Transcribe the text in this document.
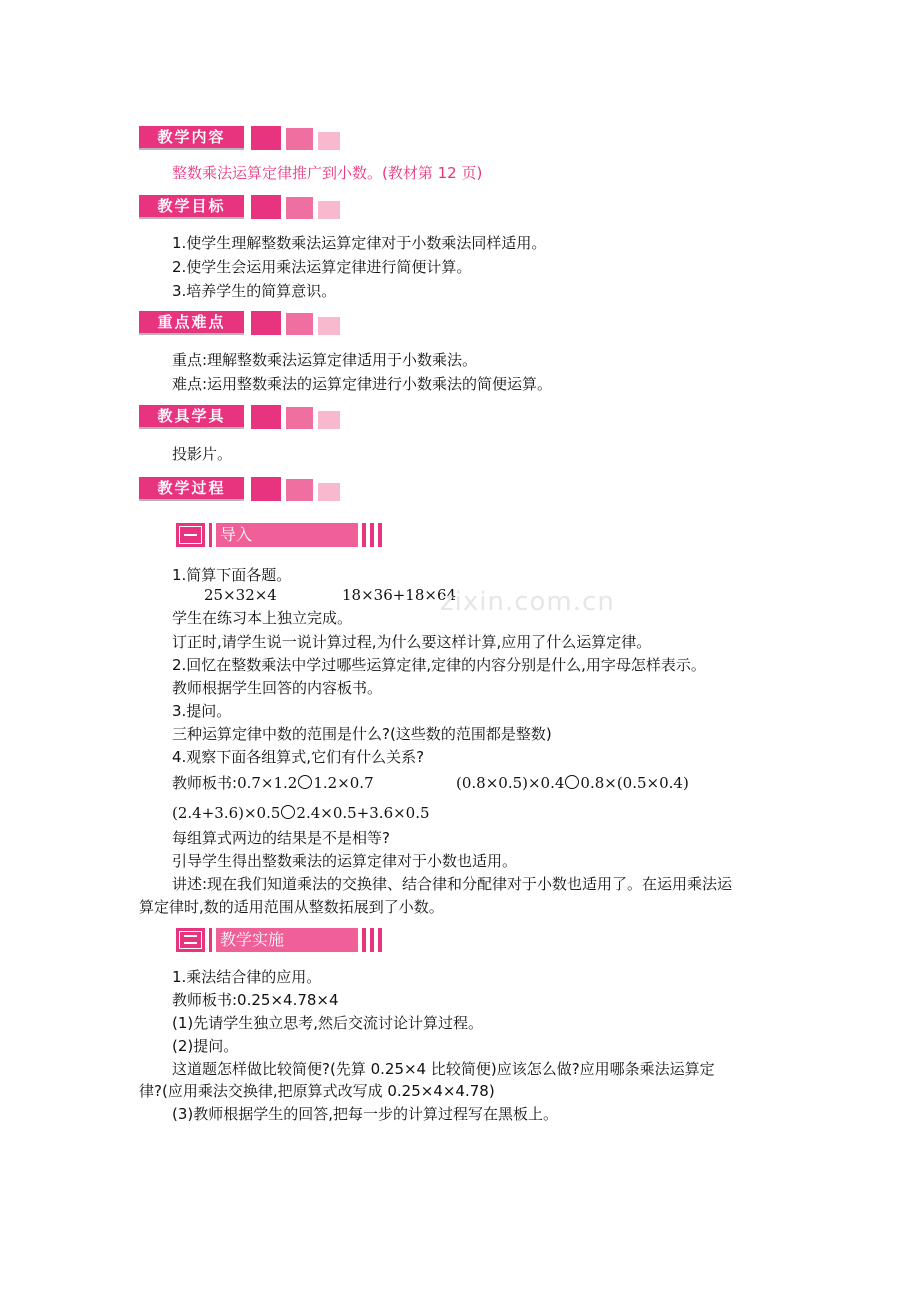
教学内容
整数乘法运算定律推广到小数。(教材第 12 页)
教学目标
1.使学生理解整数乘法运算定律对于小数乘法同样适用。
2.使学生会运用乘法运算定律进行简便计算。
3.培养学生的简算意识。
重点难点
重点:理解整数乘法运算定律适用于小数乘法。
难点:运用整数乘法的运算定律进行小数乘法的简便运算。
教具学具
投影片。
教学过程
导入
1.简算下面各题。
25×32×4	18×36+18×64
学生在练习本上独立完成。
订正时,请学生说一说计算过程,为什么要这样计算,应用了什么运算定律。
2.回忆在整数乘法中学过哪些运算定律,定律的内容分别是什么,用字母怎样表示。
教师根据学生回答的内容板书。
3.提问。
三种运算定律中数的范围是什么?(这些数的范围都是整数)
4.观察下面各组算式,它们有什么关系?
教师板书:0.7×1.2 1.2×0.7	(0.8×0.5)×0.4 0.8×(0.5×0.4)
(2.4+3.6)×0.5 2.4×0.5+3.6×0.5
每组算式两边的结果是不是相等?
引导学生得出整数乘法的运算定律对于小数也适用。
讲述:现在我们知道乘法的交换律、结合律和分配律对于小数也适用了。在运用乘法运
算定律时,数的适用范围从整数拓展到了小数。
教学实施
1.乘法结合律的应用。
教师板书:0.25×4.78×4
(1)先请学生独立思考,然后交流讨论计算过程。
(2)提问。
这道题怎样做比较简便?(先算 0.25×4 比较简便)应该怎么做?应用哪条乘法运算定
律?(应用乘法交换律,把原算式改写成 0.25×4×4.78)
(3)教师根据学生的回答,把每一步的计算过程写在黑板上。
zixin.com.cn
